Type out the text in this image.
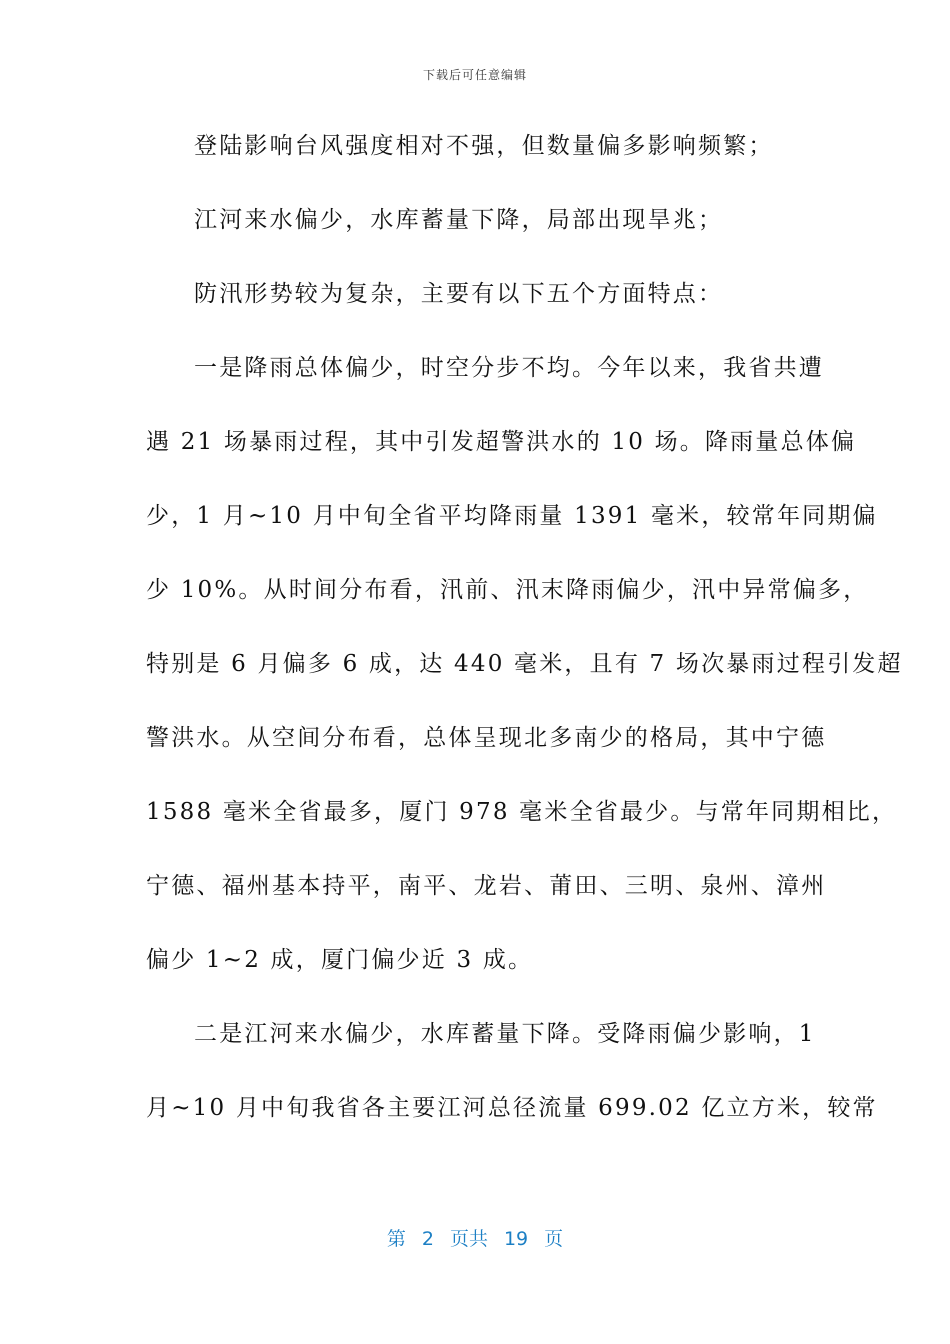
下载后可任意编辑
登陆影响台风强度相对不强，但数量偏多影响频繁；
江河来水偏少，水库蓄量下降，局部出现旱兆；
防汛形势较为复杂，主要有以下五个方面特点：
一是降雨总体偏少，时空分步不均。今年以来，我省共遭
遇 21 场暴雨过程，其中引发超警洪水的 10 场。降雨量总体偏
少，1 月~10 月中旬全省平均降雨量 1391 毫米，较常年同期偏
少 10%。从时间分布看，汛前、汛末降雨偏少，汛中异常偏多，
特别是 6 月偏多 6 成，达 440 毫米，且有 7 场次暴雨过程引发超
警洪水。从空间分布看，总体呈现北多南少的格局，其中宁德
1588 毫米全省最多，厦门 978 毫米全省最少。与常年同期相比，
宁德、福州基本持平，南平、龙岩、莆田、三明、泉州、漳州
偏少 1~2 成，厦门偏少近 3 成。
二是江河来水偏少，水库蓄量下降。受降雨偏少影响，1
月~10 月中旬我省各主要江河总径流量 699.02 亿立方米，较常
第 2 页共 19 页
